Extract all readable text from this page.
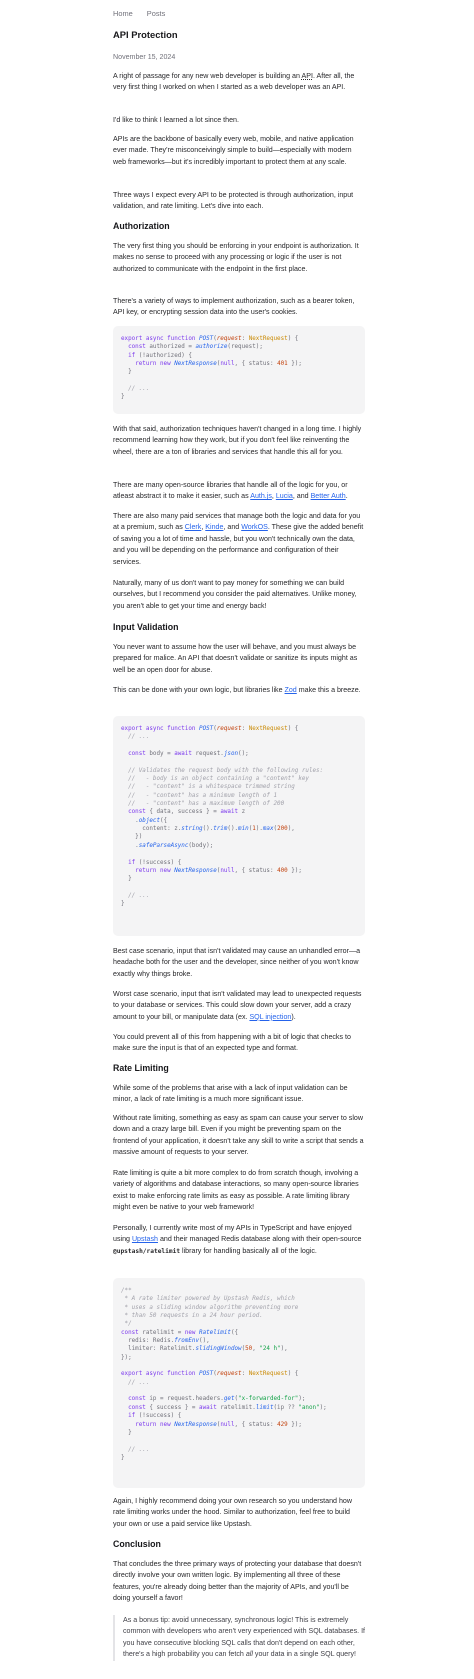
Home Posts
API Protection
November 15, 2024

A right of passage for any new web developer is building an API. After all, the very first thing I worked on when I started as a web developer was an API.

I'd like to think I learned a lot since then.

APIs are the backbone of basically every web, mobile, and native application ever made. They're misconceivingly simple to build—especially with modern web frameworks—but it's incredibly important to protect them at any scale.

Three ways I expect every API to be protected is through authorization, input validation, and rate limiting. Let's dive into each.

Authorization

The very first thing you should be enforcing in your endpoint is authorization. It makes no sense to proceed with any processing or logic if the user is not authorized to communicate with the endpoint in the first place.

There's a variety of ways to implement authorization, such as a bearer token, API key, or encrypting session data into the user's cookies.

export async function POST(request: NextRequest) {
const authorized = authorize(request);
if (!authorized) {
return new NextResponse(null, { status: 401 });
}

// ...
}

With that said, authorization techniques haven't changed in a long time. I highly recommend learning how they work, but if you don't feel like reinventing the wheel, there are a ton of libraries and services that handle this all for you.

There are many open-source libraries that handle all of the logic for you, or atleast abstract it to make it easier, such as Auth.js, Lucia, and Better Auth.

There are also many paid services that manage both the logic and data for you at a premium, such as Clerk, Kinde, and WorkOS. These give the added benefit of saving you a lot of time and hassle, but you won't technically own the data, and you will be depending on the performance and configuration of their services.

Naturally, many of us don't want to pay money for something we can build ourselves, but I recommend you consider the paid alternatives. Unlike money, you aren't able to get your time and energy back!

Input Validation

You never want to assume how the user will behave, and you must always be prepared for malice. An API that doesn't validate or sanitize its inputs might as well be an open door for abuse.

This can be done with your own logic, but libraries like Zod make this a breeze.

export async function POST(request: NextRequest) {
// ...

const body = await request.json();

// Validates the request body with the following rules:
//   - body is an object containing a "content" key
//   - "content" is a whitespace trimmed string
//   - "content" has a minimum length of 1
//   - "content" has a maximum length of 200
const { data, success } = await z
.object({
content: z.string().trim().min(1).max(200),
})
.safeParseAsync(body);

if (!success) {
return new NextResponse(null, { status: 400 });
}

// ...
}

Best case scenario, input that isn't validated may cause an unhandled error—a headache both for the user and the developer, since neither of you won't know exactly why things broke.

Worst case scenario, input that isn't validated may lead to unexpected requests to your database or services. This could slow down your server, add a crazy amount to your bill, or manipulate data (ex. SQL injection).

You could prevent all of this from happening with a bit of logic that checks to make sure the input is that of an expected type and format.

Rate Limiting

While some of the problems that arise with a lack of input validation can be minor, a lack of rate limiting is a much more significant issue.

Without rate limiting, something as easy as spam can cause your server to slow down and a crazy large bill. Even if you might be preventing spam on the frontend of your application, it doesn't take any skill to write a script that sends a massive amount of requests to your server.

Rate limiting is quite a bit more complex to do from scratch though, involving a variety of algorithms and database interactions, so many open-source libraries exist to make enforcing rate limits as easy as possible. A rate limiting library might even be native to your web framework!

Personally, I currently write most of my APIs in TypeScript and have enjoyed using Upstash and their managed Redis database along with their open-source @upstash/ratelimit library for handling basically all of the logic.

/**
* A rate limiter powered by Upstash Redis, which
* uses a sliding window algorithm preventing more
* than 50 requests in a 24 hour period.
*/
const ratelimit = new Ratelimit({
redis: Redis.fromEnv(),
limiter: Ratelimit.slidingWindow(50, "24 h"),
});

export async function POST(request: NextRequest) {
// ...

const ip = request.headers.get("x-forwarded-for");
const { success } = await ratelimit.limit(ip ?? "anon");
if (!success) {
return new NextResponse(null, { status: 429 });
}

// ...
}

Again, I highly recommend doing your own research so you understand how rate limiting works under the hood. Similar to authorization, feel free to build your own or use a paid service like Upstash.

Conclusion

That concludes the three primary ways of protecting your database that doesn't directly involve your own written logic. By implementing all three of these features, you're already doing better than the majority of APIs, and you'll be doing yourself a favor!

As a bonus tip: avoid unnecessary, synchronous logic! This is extremely common with developers who aren't very experienced with SQL databases. If you have consecutive blocking SQL calls that don't depend on each other, there's a high probability you can fetch all your data in a single SQL query!
